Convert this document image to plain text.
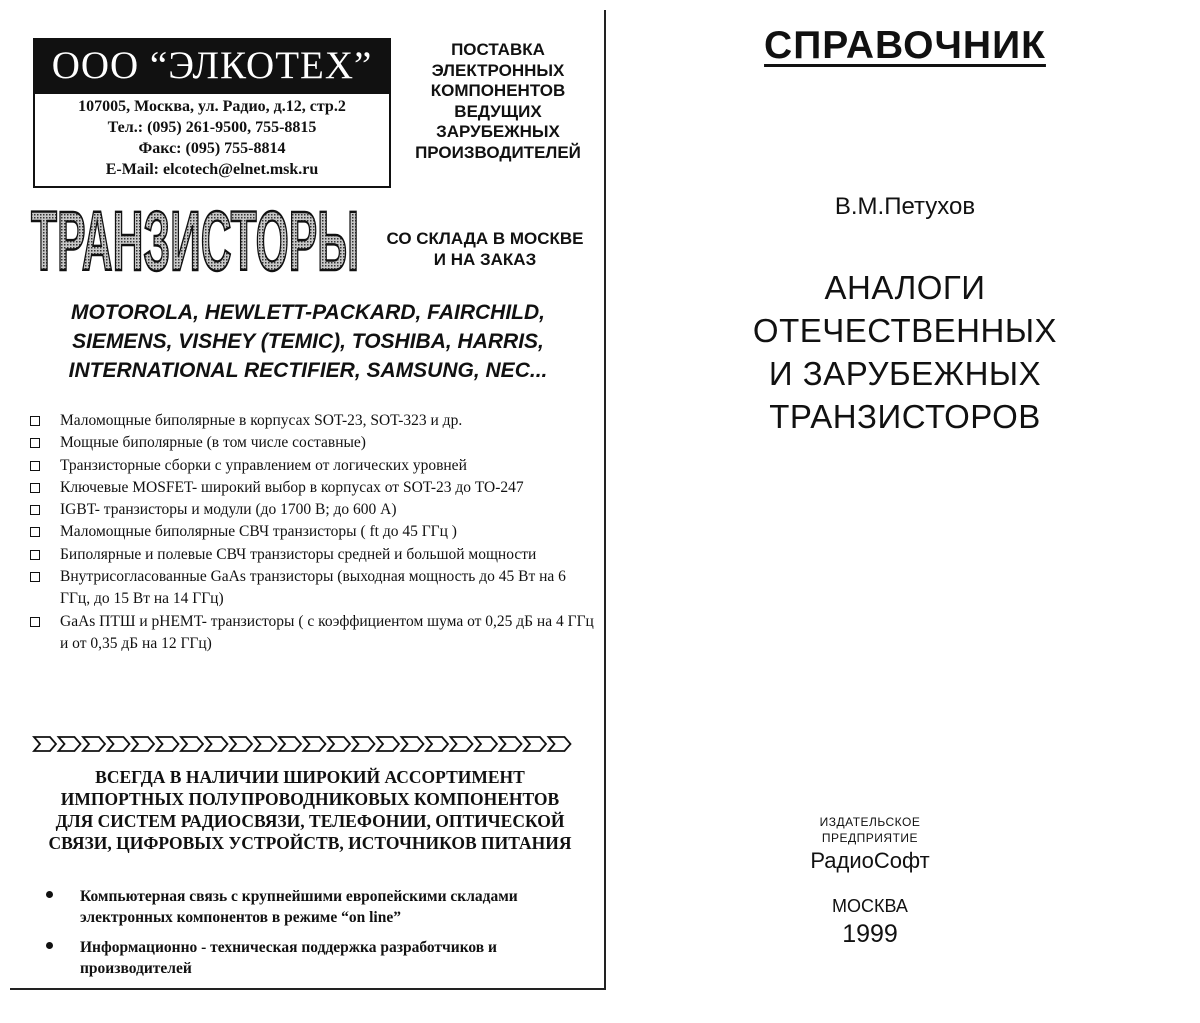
ООО “ЭЛКОТЕХ”
107005, Москва, ул. Радио, д.12, стр.2
Тел.: (095) 261-9500, 755-8815
Факс: (095) 755-8814
E-Mail: elcotech@elnet.msk.ru
ПОСТАВКА
ЭЛЕКТРОННЫХ
КОМПОНЕНТОВ
ВЕДУЩИХ
ЗАРУБЕЖНЫХ
ПРОИЗВОДИТЕЛЕЙ
ТРАНЗИСТОРЫ	СО СКЛАДА В МОСКВЕ
И НА ЗАКАЗ
MOTOROLA, HEWLETT-PACKARD, FAIRCHILD,
SIEMENS, VISHEY (TEMIC), TOSHIBA, HARRIS,
INTERNATIONAL RECTIFIER, SAMSUNG, NEC...
Маломощные биполярные в корпусах SOT-23, SOT-323 и др.
Мощные биполярные (в том числе составные)
Транзисторные сборки с управлением от логических уровней
Ключевые MOSFET- широкий выбор в корпусах от SOT-23 до TO-247
IGBT- транзисторы и модули (до 1700 В; до 600 А)
Маломощные биполярные СВЧ транзисторы ( ft до 45 ГГц )
Биполярные и полевые СВЧ транзисторы средней и большой мощности
Внутрисогласованные GaAs транзисторы (выходная мощность до 45 Вт на 6 ГГц, до 15 Вт на 14 ГГц)
GaAs ПТШ и pHEMT- транзисторы ( с коэффициентом шума от 0,25 дБ на 4 ГГц и от 0,35 дБ на 12 ГГц)
ВСЕГДА В НАЛИЧИИ ШИРОКИЙ АССОРТИМЕНТ
ИМПОРТНЫХ ПОЛУПРОВОДНИКОВЫХ КОМПОНЕНТОВ
ДЛЯ СИСТЕМ РАДИОСВЯЗИ, ТЕЛЕФОНИИ, ОПТИЧЕСКОЙ
СВЯЗИ, ЦИФРОВЫХ УСТРОЙСТВ, ИСТОЧНИКОВ ПИТАНИЯ
Компьютерная связь с крупнейшими европейскими складами электронных компонентов в режиме “on line”
Информационно - техническая поддержка разработчиков и производителей
СПРАВОЧНИК
В.М.Петухов
АНАЛОГИ
ОТЕЧЕСТВЕННЫХ
И ЗАРУБЕЖНЫХ
ТРАНЗИСТОРОВ
ИЗДАТЕЛЬСКОЕ
ПРЕДПРИЯТИЕ
РадиоСофт
МОСКВА
1999
